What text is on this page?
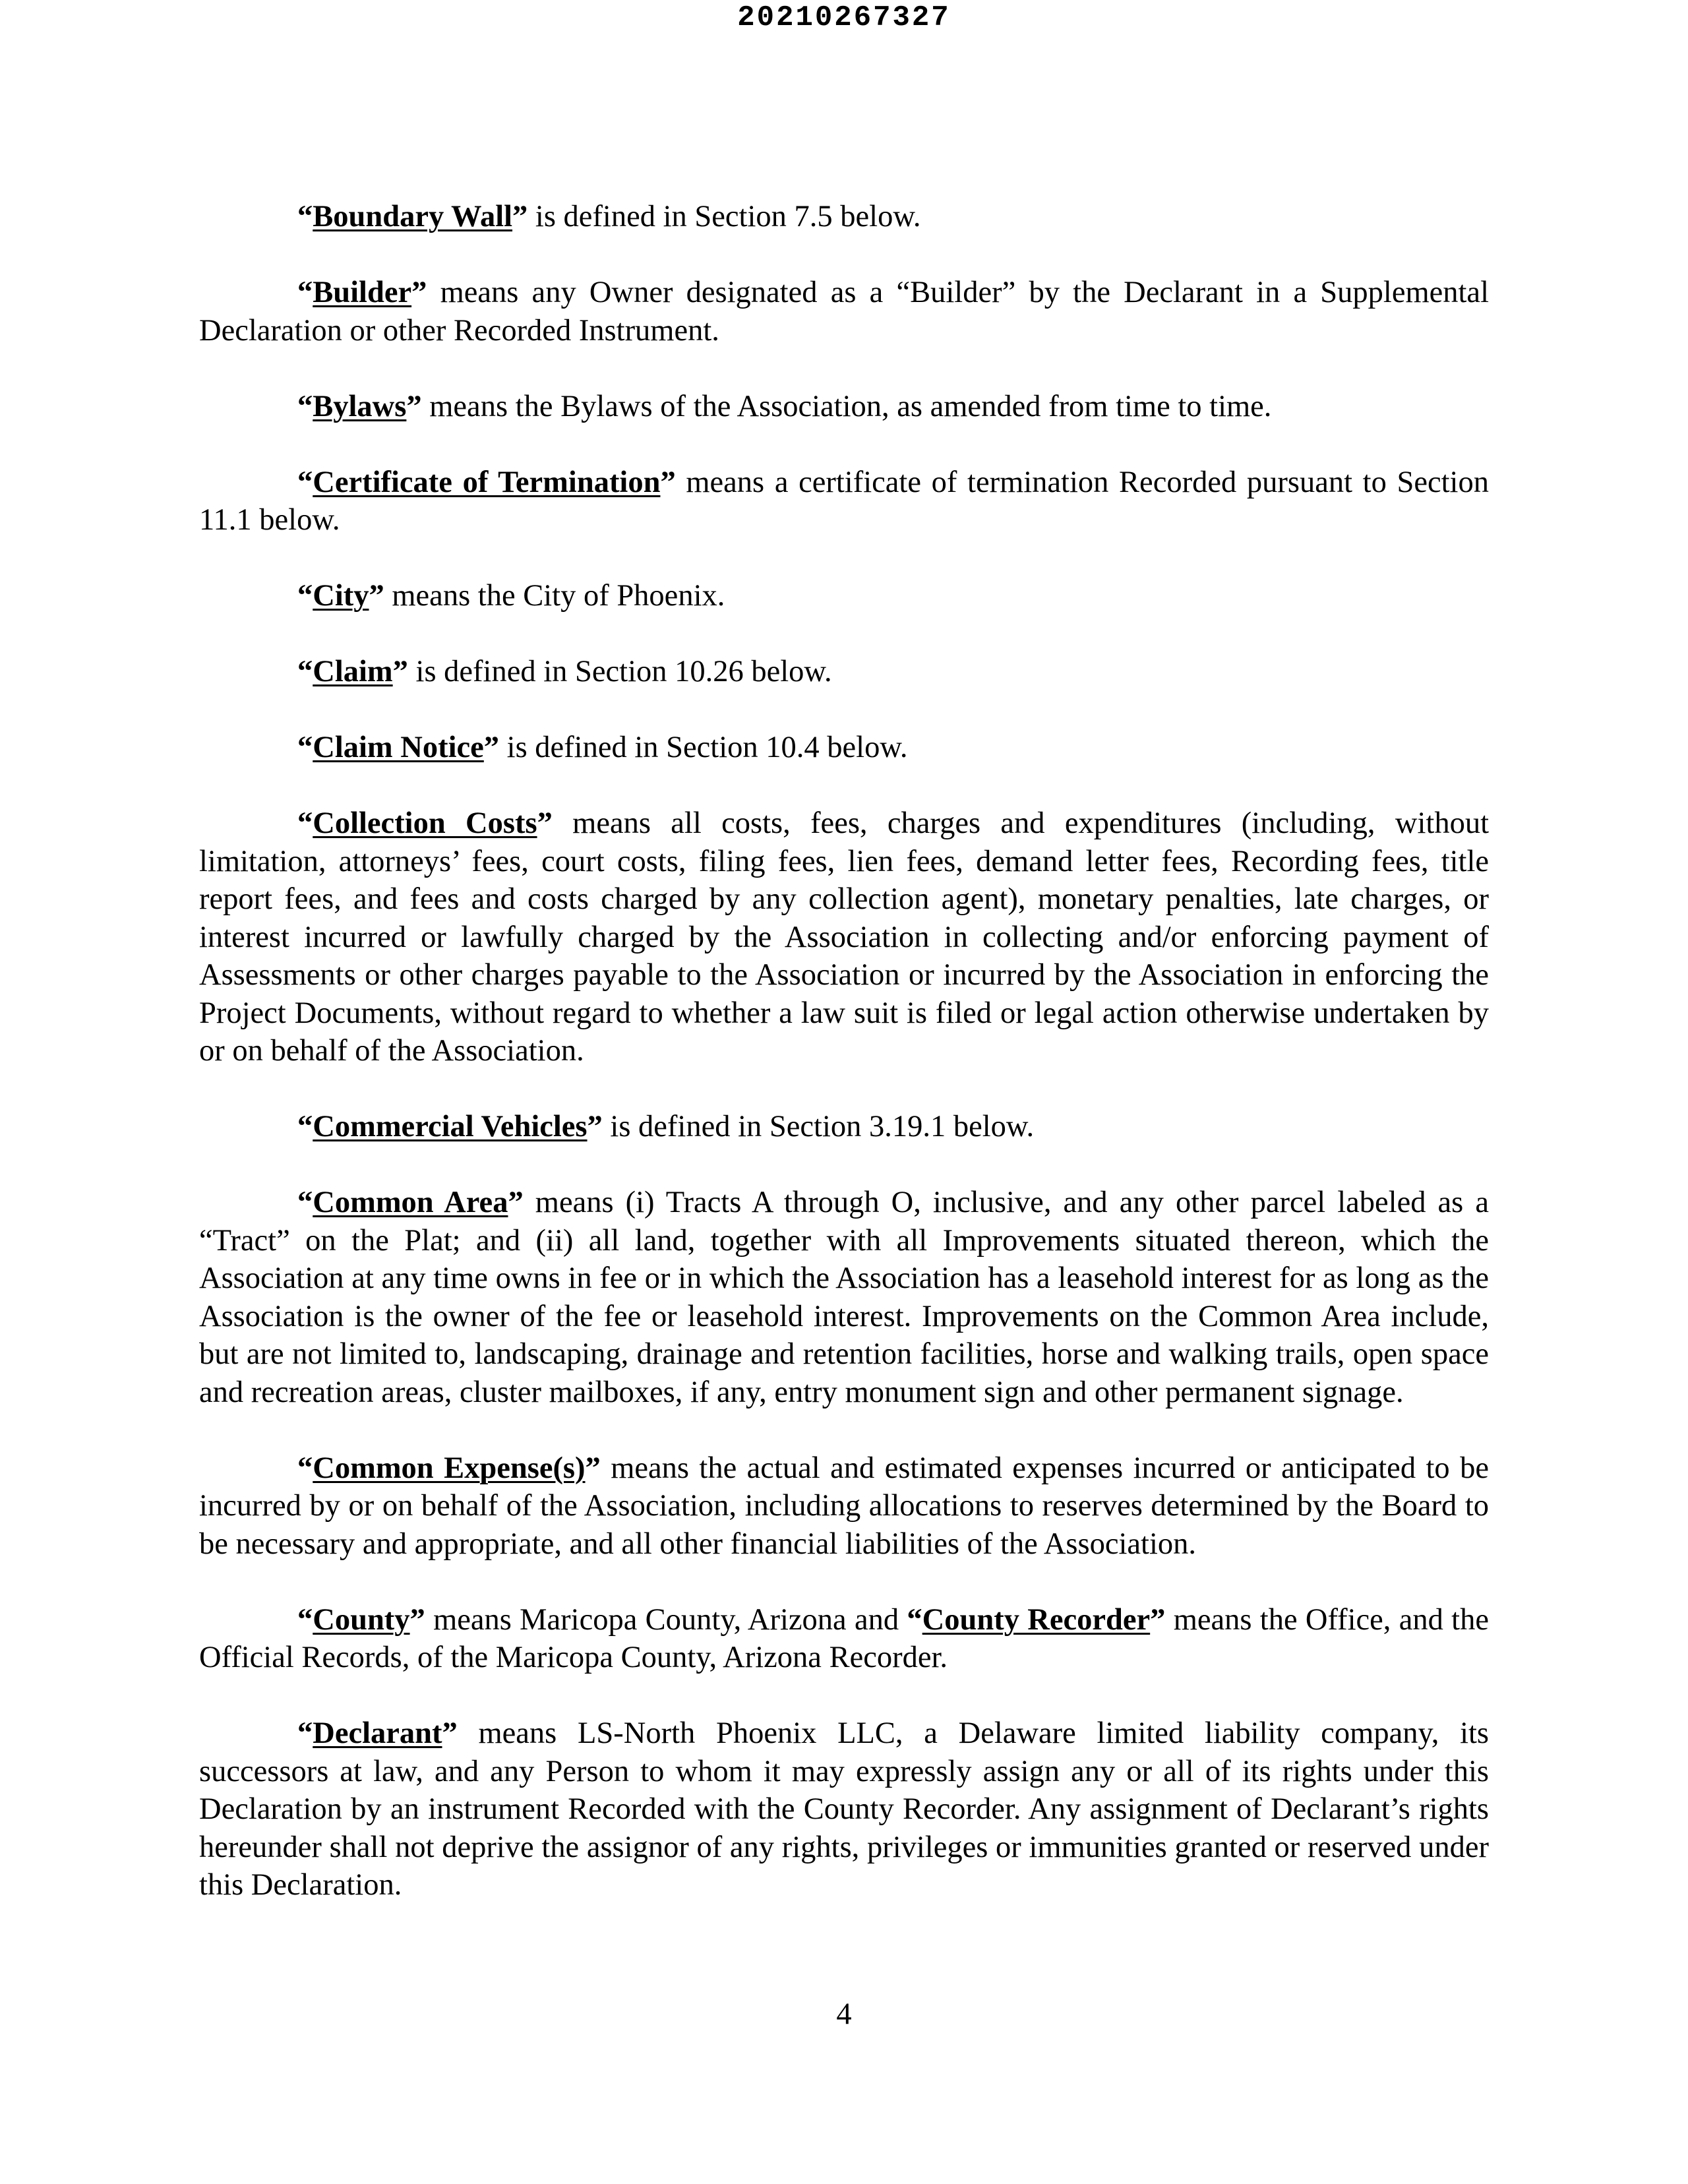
20210267327

“Boundary Wall” is defined in Section 7.5 below.

“Builder” means any Owner designated as a “Builder” by the Declarant in a Supplemental Declaration or other Recorded Instrument.

“Bylaws” means the Bylaws of the Association, as amended from time to time.

“Certificate of Termination” means a certificate of termination Recorded pursuant to Section 11.1 below.

“City” means the City of Phoenix.

“Claim” is defined in Section 10.26 below.

“Claim Notice” is defined in Section 10.4 below.

“Collection Costs” means all costs, fees, charges and expenditures (including, without limitation, attorneys’ fees, court costs, filing fees, lien fees, demand letter fees, Recording fees, title report fees, and fees and costs charged by any collection agent), monetary penalties, late charges, or interest incurred or lawfully charged by the Association in collecting and/or enforcing payment of Assessments or other charges payable to the Association or incurred by the Association in enforcing the Project Documents, without regard to whether a law suit is filed or legal action otherwise undertaken by or on behalf of the Association.

“Commercial Vehicles” is defined in Section 3.19.1 below.

“Common Area” means (i) Tracts A through O, inclusive, and any other parcel labeled as a “Tract” on the Plat; and (ii) all land, together with all Improvements situated thereon, which the Association at any time owns in fee or in which the Association has a leasehold interest for as long as the Association is the owner of the fee or leasehold interest. Improvements on the Common Area include, but are not limited to, landscaping, drainage and retention facilities, horse and walking trails, open space and recreation areas, cluster mailboxes, if any, entry monument sign and other permanent signage.

“Common Expense(s)” means the actual and estimated expenses incurred or anticipated to be incurred by or on behalf of the Association, including allocations to reserves determined by the Board to be necessary and appropriate, and all other financial liabilities of the Association.

“County” means Maricopa County, Arizona and “County Recorder” means the Office, and the Official Records, of the Maricopa County, Arizona Recorder.

“Declarant” means LS-North Phoenix LLC, a Delaware limited liability company, its successors at law, and any Person to whom it may expressly assign any or all of its rights under this Declaration by an instrument Recorded with the County Recorder. Any assignment of Declarant’s rights hereunder shall not deprive the assignor of any rights, privileges or immunities granted or reserved under this Declaration.

4
